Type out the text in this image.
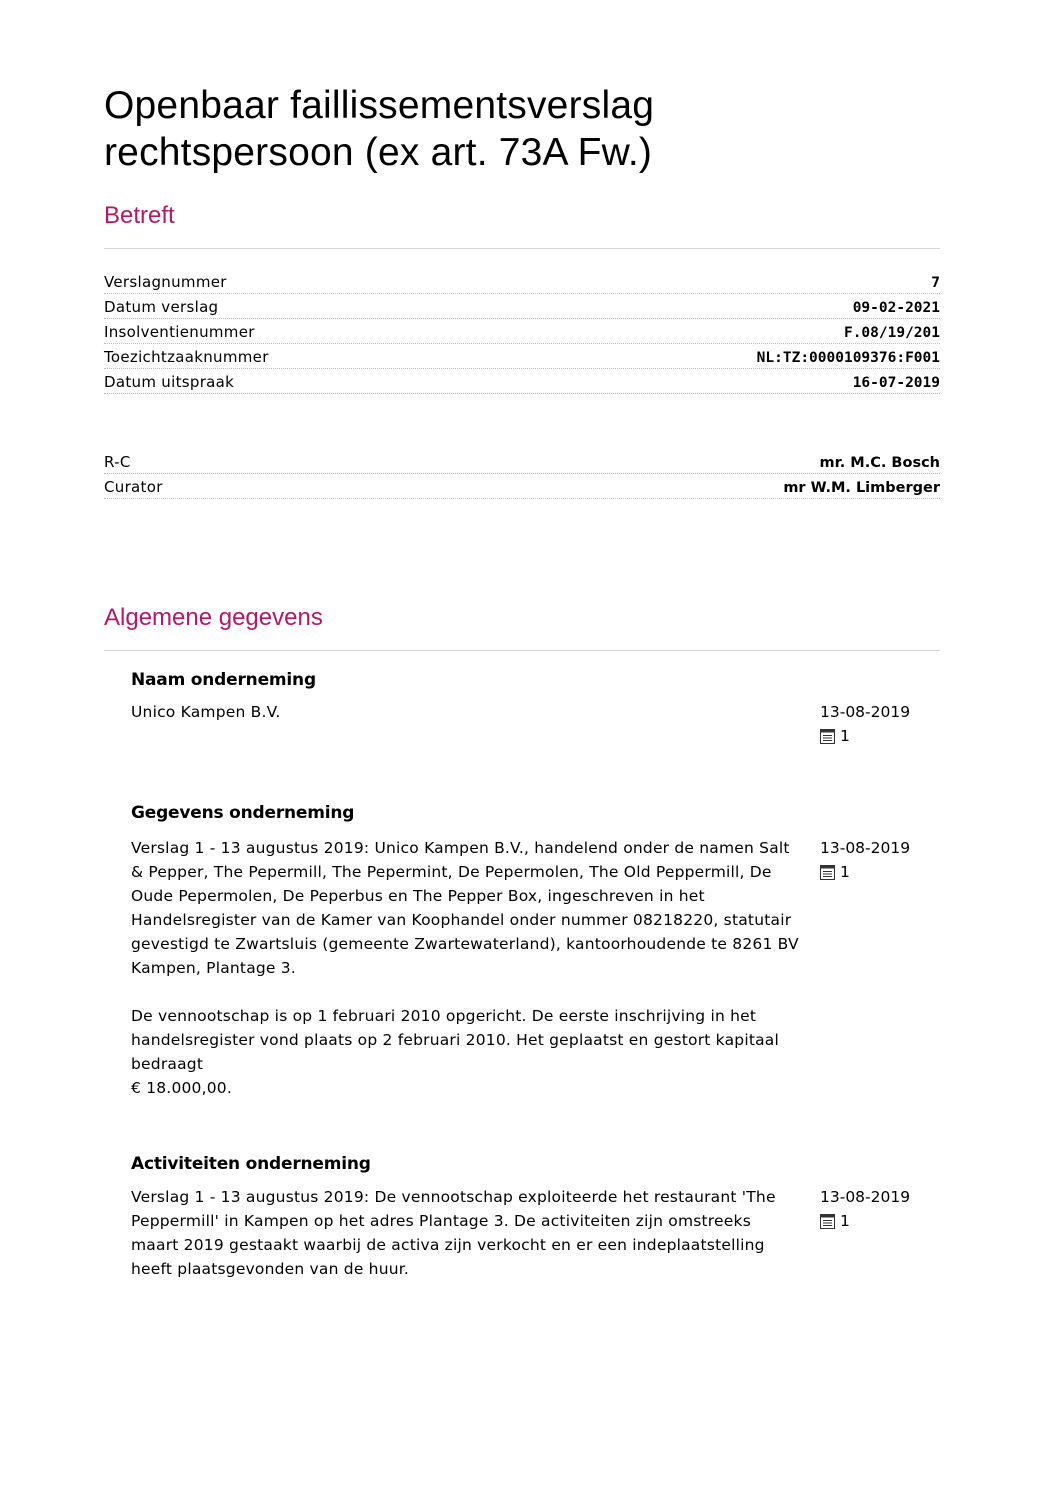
Openbaar faillissementsverslag
rechtspersoon (ex art. 73A Fw.)
Betreft
Verslagnummer	7
Datum verslag	09-02-2021
Insolventienummer	F.08/19/201
Toezichtzaaknummer	NL:TZ:0000109376:F001
Datum uitspraak	16-07-2019
R-C	mr. M.C. Bosch
Curator	mr W.M. Limberger
Algemene gegevens
Naam onderneming

Unico Kampen B.V.	13-08-2019
1
Gegevens onderneming

Verslag 1 - 13 augustus 2019: Unico Kampen B.V., handelend onder de namen Salt & Pepper, The Pepermill, The Pepermint, De Pepermolen, The Old Peppermill, De Oude Pepermolen, De Peperbus en The Pepper Box, ingeschreven in het Handelsregister van de Kamer van Koophandel onder nummer 08218220, statutair gevestigd te Zwartsluis (gemeente Zwartewaterland), kantoorhoudende te 8261 BV Kampen, Plantage 3.

De vennootschap is op 1 februari 2010 opgericht. De eerste inschrijving in het handelsregister vond plaats op 2 februari 2010. Het geplaatst en gestort kapitaal bedraagt

€ 18.000,00.

13-08-2019
1
Activiteiten onderneming

Verslag 1 - 13 augustus 2019: De vennootschap exploiteerde het restaurant 'The Peppermill' in Kampen op het adres Plantage 3. De activiteiten zijn omstreeks maart 2019 gestaakt waarbij de activa zijn verkocht en er een indeplaatstelling heeft plaatsgevonden van de huur.

13-08-2019
1
